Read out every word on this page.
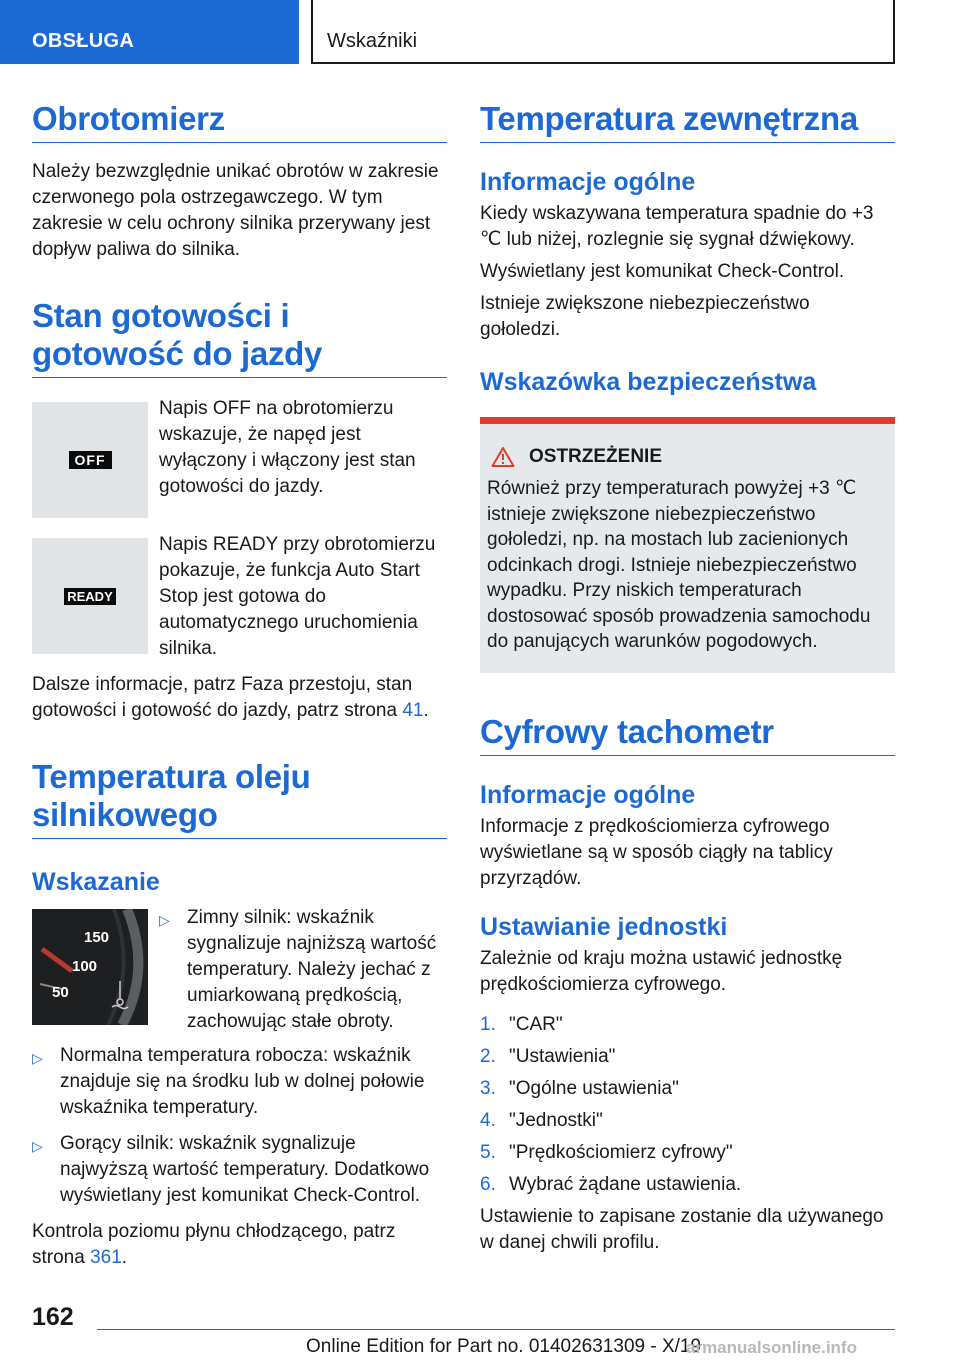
OBSŁUGA	Wskaźniki
Obrotomierz
Należy bezwzględnie unikać obrotów w zakresie czerwonego pola ostrzegawczego. W tym zakresie w celu ochrony silnika przerywany jest dopływ paliwa do silnika.
Stan gotowości i gotowość do jazdy
OFF
Napis OFF na obrotomierzu wskazuje, że napęd jest wyłączony i włączony jest stan gotowości do jazdy.
READY
Napis READY przy obrotomierzu pokazuje, że funkcja Auto Start Stop jest gotowa do automatycznego uruchomienia silnika.
Dalsze informacje, patrz Faza przestoju, stan gotowości i gotowość do jazdy, patrz strona 41.
Temperatura oleju silnikowego
Wskazanie
150
100
50
▷ Zimny silnik: wskaźnik sygnalizuje najniższą wartość temperatury. Należy jechać z umiarkowaną prędkością, zachowując stałe obroty.
▷ Normalna temperatura robocza: wskaźnik znajduje się na środku lub w dolnej połowie wskaźnika temperatury.
▷ Gorący silnik: wskaźnik sygnalizuje najwyższą wartość temperatury. Dodatkowo wyświetlany jest komunikat Check-Control.
Kontrola poziomu płynu chłodzącego, patrz strona 361.
Temperatura zewnętrzna
Informacje ogólne
Kiedy wskazywana temperatura spadnie do +3 ℃ lub niżej, rozlegnie się sygnał dźwiękowy.
Wyświetlany jest komunikat Check-Control.
Istnieje zwiększone niebezpieczeństwo gołoledzi.
Wskazówka bezpieczeństwa
OSTRZEŻENIE
Również przy temperaturach powyżej +3 ℃ istnieje zwiększone niebezpieczeństwo gołoledzi, np. na mostach lub zacienionych odcinkach drogi. Istnieje niebezpieczeństwo wypadku. Przy niskich temperaturach dostosować sposób prowadzenia samochodu do panujących warunków pogodowych.
Cyfrowy tachometr
Informacje ogólne
Informacje z prędkościomierza cyfrowego wyświetlane są w sposób ciągły na tablicy przyrządów.
Ustawianie jednostki
Zależnie od kraju można ustawić jednostkę prędkościomierza cyfrowego.
1. "CAR"
2. "Ustawienia"
3. "Ogólne ustawienia"
4. "Jednostki"
5. "Prędkościomierz cyfrowy"
6. Wybrać żądane ustawienia.
Ustawienie to zapisane zostanie dla używanego w danej chwili profilu.
162
Online Edition for Part no. 01402631309 - X/19
armanualsonline.info
